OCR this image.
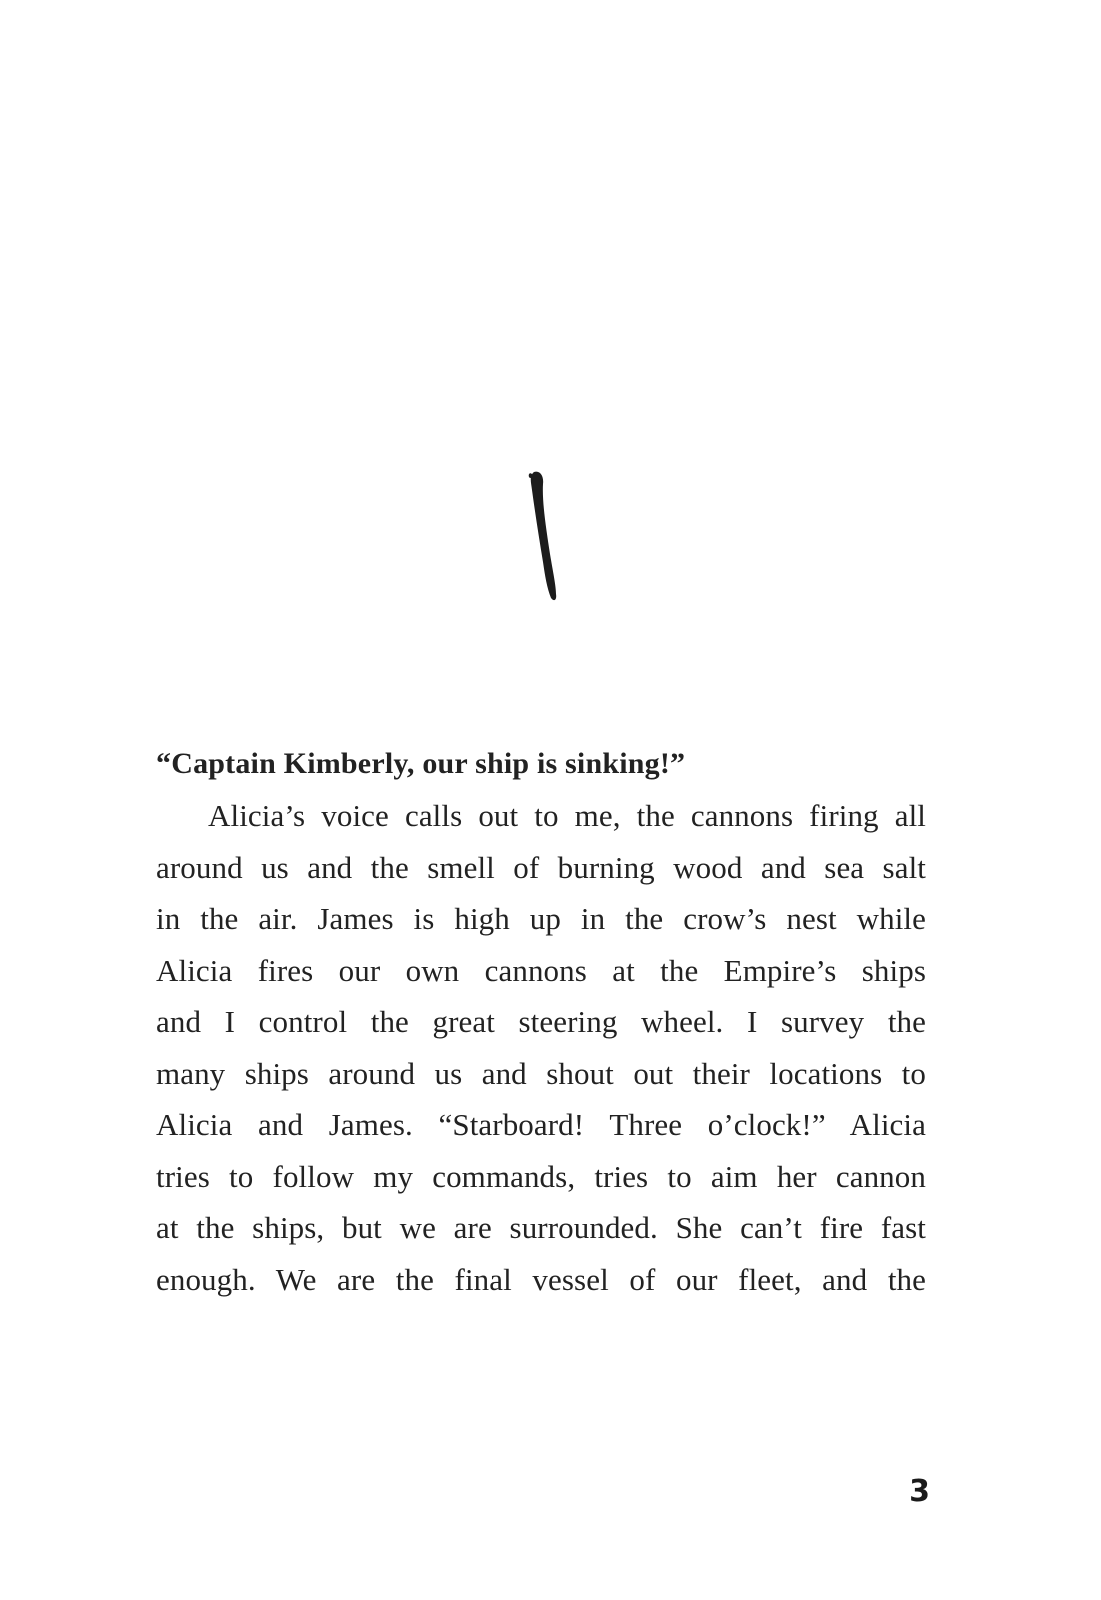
“Captain Kimberly, our ship is sinking!”

Alicia’s voice calls out to me, the cannons firing all

around us and the smell of burning wood and sea salt

in the air. James is high up in the crow’s nest while

Alicia fires our own cannons at the Empire’s ships

and I control the great steering wheel. I survey the

many ships around us and shout out their locations to

Alicia and James. “Starboard! Three o’clock!” Alicia

tries to follow my commands, tries to aim her cannon

at the ships, but we are surrounded. She can’t fire fast

enough. We are the final vessel of our fleet, and the

3
